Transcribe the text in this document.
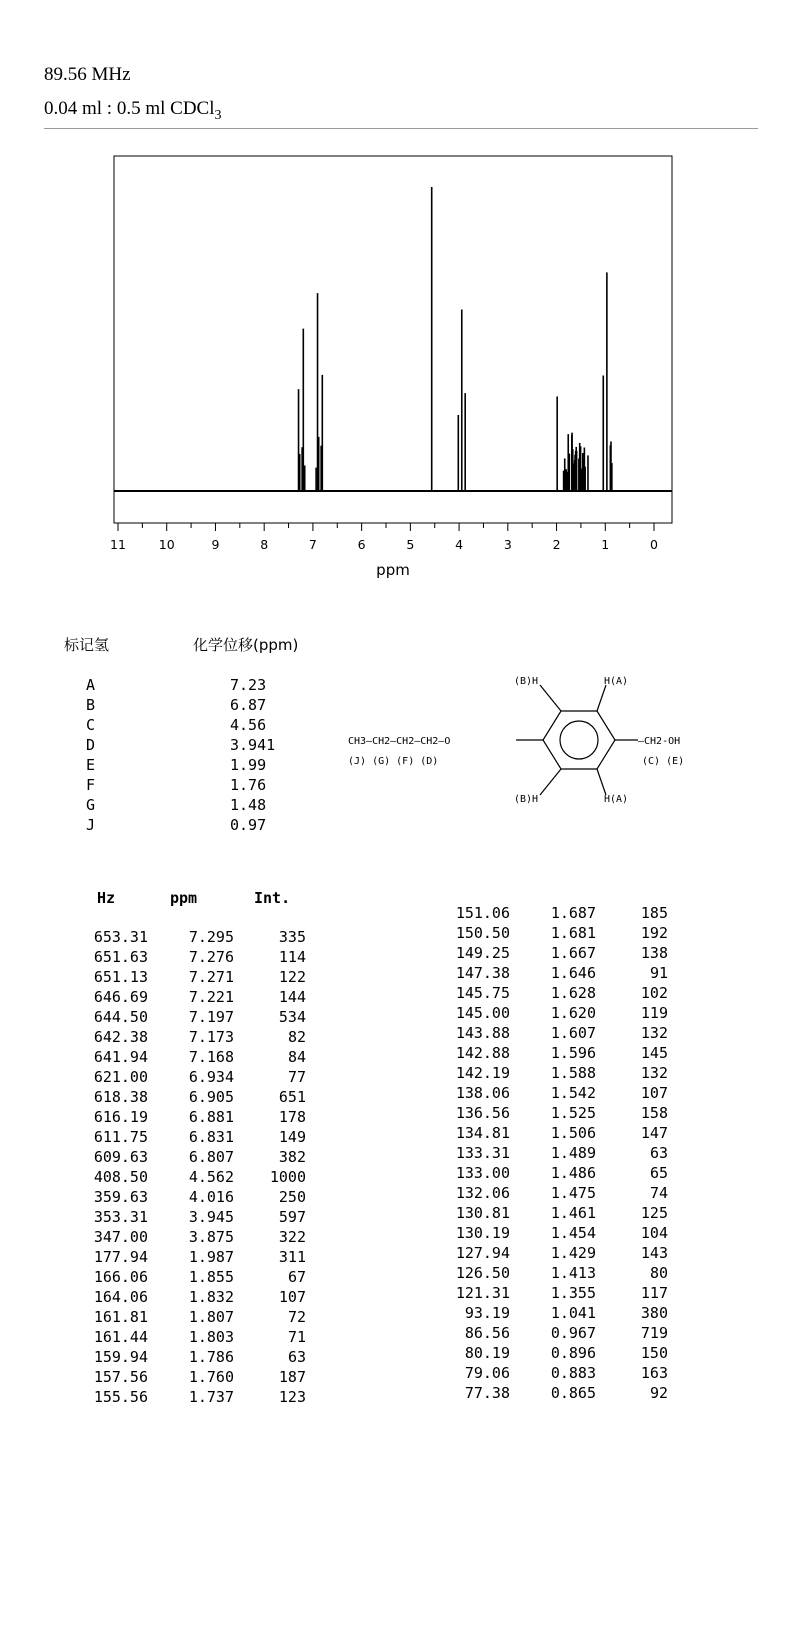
89.56 MHz
0.04 ml : 0.5 ml CDCl$_3$
11	10	9	8	7	6	5	4	3	2	1	0
ppm
标记氢	化学位移(ppm)
A	7.23
B	6.87
C	4.56
D	3.941
E	1.99
F	1.76
G	1.48
J	0.97
(B)H	H(A)
CH3—CH2—CH2—CH2—O
(J) (G) (F) (D)
—CH2-OH
(C) (E)
(B)H	H(A)
Hz	ppm	Int.
653.31	7.295	335
651.63	7.276	114
651.13	7.271	122
646.69	7.221	144
644.50	7.197	534
642.38	7.173	82
641.94	7.168	84
621.00	6.934	77
618.38	6.905	651
616.19	6.881	178
611.75	6.831	149
609.63	6.807	382
408.50	4.562	1000
359.63	4.016	250
353.31	3.945	597
347.00	3.875	322
177.94	1.987	311
166.06	1.855	67
164.06	1.832	107
161.81	1.807	72
161.44	1.803	71
159.94	1.786	63
157.56	1.760	187
155.56	1.737	123
151.06	1.687	185
150.50	1.681	192
149.25	1.667	138
147.38	1.646	91
145.75	1.628	102
145.00	1.620	119
143.88	1.607	132
142.88	1.596	145
142.19	1.588	132
138.06	1.542	107
136.56	1.525	158
134.81	1.506	147
133.31	1.489	63
133.00	1.486	65
132.06	1.475	74
130.81	1.461	125
130.19	1.454	104
127.94	1.429	143
126.50	1.413	80
121.31	1.355	117
93.19	1.041	380
86.56	0.967	719
80.19	0.896	150
79.06	0.883	163
77.38	0.865	92
